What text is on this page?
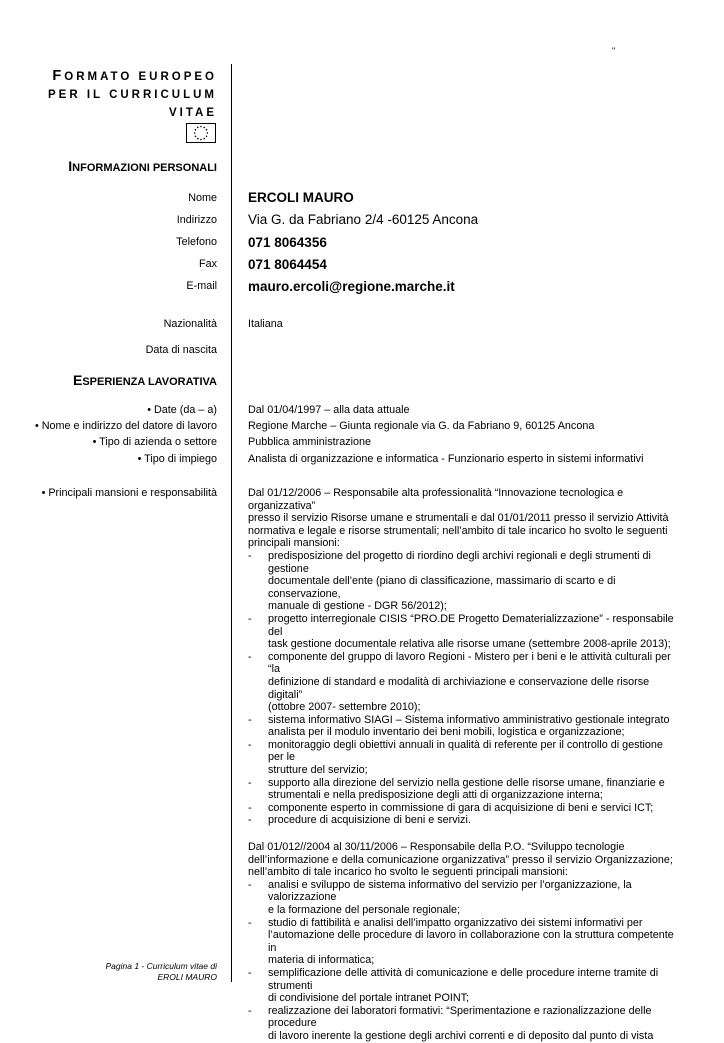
"
FORMATO EUROPEO
PER IL CURRICULUM
VITAE
INFORMAZIONI PERSONALI
Nome ERCOLI MAURO
Indirizzo Via G. da Fabriano 2/4 -60125 Ancona
Telefono 071 8064356
Fax 071 8064454
E-mail mauro.ercoli@regione.marche.it
Nazionalità	Italiana
Data di nascita
ESPERIENZA LAVORATIVA
• Date (da – a)	Dal 01/04/1997 – alla data attuale
• Nome e indirizzo del datore di lavoro	Regione Marche – Giunta regionale via G. da Fabriano 9, 60125 Ancona
• Tipo di azienda o settore	Pubblica amministrazione
• Tipo di impiego	Analista di organizzazione e informatica - Funzionario esperto in sistemi informativi
• Principali mansioni e responsabilità	Dal 01/12/2006 – Responsabile alta professionalità “Innovazione tecnologica e organizzativa”
presso il servizio Risorse umane e strumentali e dal 01/01/2011 presso il servizio Attività
normativa e legale e risorse strumentali; nell’ambito di tale incarico ho svolto le seguenti
principali mansioni:

- predisposizione del progetto di riordino degli archivi regionali e degli strumenti di gestione
documentale dell’ente (piano di classificazione, massimario di scarto e di conservazione,
manuale di gestione - DGR 56/2012);
- progetto interregionale CISIS “PRO.DE Progetto Dematerializzazione” - responsabile del
task gestione documentale relativa alle risorse umane (settembre 2008-aprile 2013);
- componente del gruppo di lavoro Regioni - Mistero per i beni e le attività culturali per “la
definizione di standard e modalità di archiviazione e conservazione delle risorse digitali”
(ottobre 2007- settembre 2010);
- sistema informativo SIAGI – Sistema informativo amministrativo gestionale integrato
analista per il modulo inventario dei beni mobili, logistica e organizzazione;
- monitoraggio degli obiettivi annuali in qualità di referente per il controllo di gestione per le
strutture del servizio;
- supporto alla direzione del servizio nella gestione delle risorse umane, finanziarie e
strumentali e nella predisposizione degli atti di organizzazione interna;
- componente esperto in commissione di gara di acquisizione di beni e servici ICT;
- procedure di acquisizione di beni e servizi.

Dal 01/012//2004 al 30/11/2006 – Responsabile della P.O. “Sviluppo tecnologie
dell’informazione e della comunicazione organizzativa” presso il servizio Organizzazione;
nell’ambito di tale incarico ho svolto le seguenti principali mansioni:

- analisi e sviluppo de sistema informativo del servizio per l’organizzazione, la valorizzazione
e la formazione del personale regionale;
- studio di fattibilità e analisi dell’impatto organizzativo dei sistemi informativi per
l’automazione delle procedure di lavoro in collaborazione con la struttura competente in
materia di informatica;
- semplificazione delle attività di comunicazione e delle procedure interne tramite di strumenti
di condivisione del portale intranet POINT;
- realizzazione dei laboratori formativi: “Sperimentazione e razionalizzazione delle procedure
di lavoro inerente la gestione degli archivi correnti e di deposito dal punto di vista
Pagina 1 - Curriculum vitae di
EROLI MAURO
